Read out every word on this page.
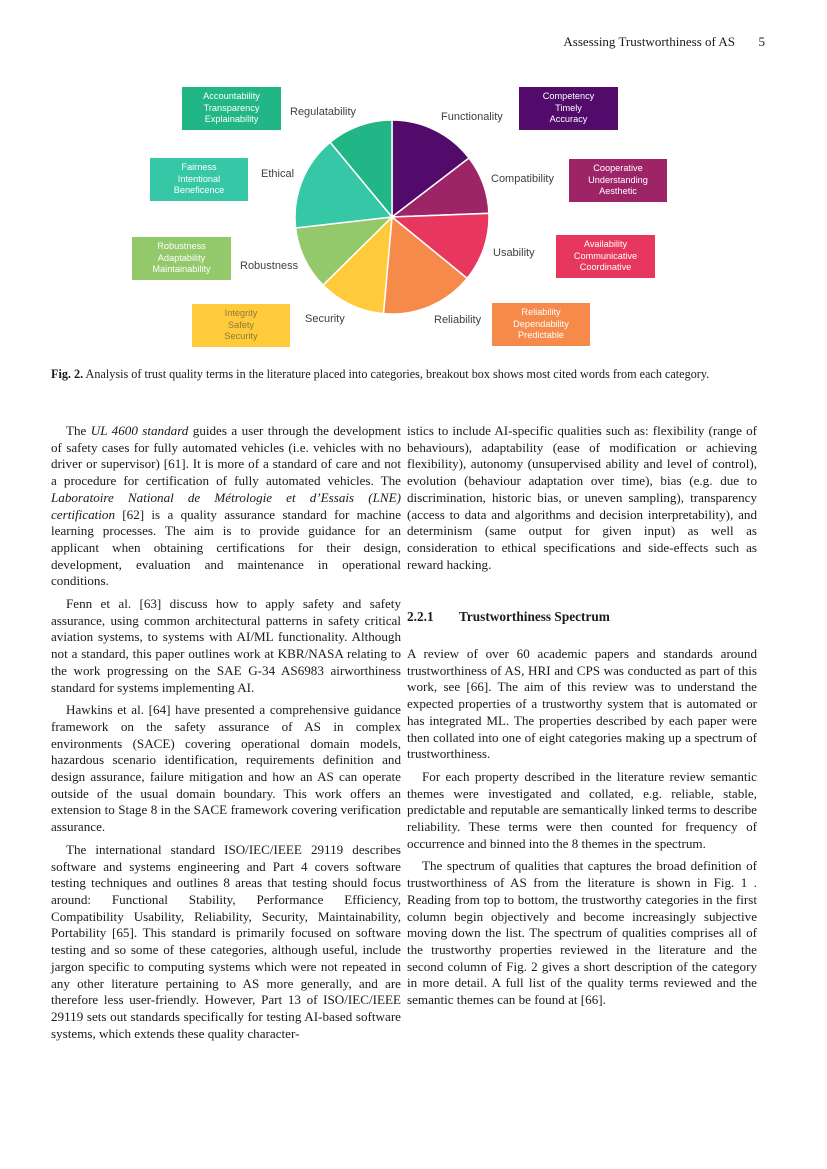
Assessing Trustworthiness of AS 5
Accountability
Transparency
Explainability
Fairness
Intentional
Beneficence
Robustness
Adaptability
Maintainability
Integrity
Safety
Security
Competency
Timely
Accuracy
Cooperative
Understanding
Aesthetic
Availability
Communicative
Coordinative
Reliability
Dependability
Predictable
Regulatability
Ethical
Robustness
Security
Functionality
Compatibility
Usability
Reliability
Fig. 2. Analysis of trust quality terms in the literature placed into categories, breakout box shows most cited words from each category.

The UL 4600 standard guides a user through the development of safety cases for fully automated vehicles (i.e. vehicles with no driver or supervisor) [61]. It is more of a standard of care and not a procedure for certification of fully automated vehicles. The Laboratoire National de Métrologie et d’Essais (LNE) certification [62] is a quality assurance standard for machine learning processes. The aim is to provide guidance for an applicant when obtaining certifications for their design, development, evaluation and maintenance in operational conditions.

Fenn et al. [63] discuss how to apply safety and safety assurance, using common architectural patterns in safety critical aviation systems, to systems with AI/ML functionality. Although not a standard, this paper outlines work at KBR/NASA relating to the work progressing on the SAE G-34 AS6983 airworthiness standard for systems implementing AI.

Hawkins et al. [64] have presented a comprehensive guidance framework on the safety assurance of AS in complex environments (SACE) covering operational domain models, hazardous scenario identification, requirements definition and design assurance, failure mitigation and how an AS can operate outside of the usual domain boundary. This work offers an extension to Stage 8 in the SACE framework covering verification assurance.

The international standard ISO/IEC/IEEE 29119 describes software and systems engineering and Part 4 covers software testing techniques and outlines 8 areas that testing should focus around: Functional Stability, Performance Efficiency, Compatibility Usability, Reliability, Security, Maintainability, Portability [65]. This standard is primarily focused on software testing and so some of these categories, although useful, include jargon specific to computing systems which were not repeated in any other literature pertaining to AS more generally, and are therefore less user-friendly. However, Part 13 of ISO/IEC/IEEE 29119 sets out standards specifically for testing AI-based software systems, which extends these quality character-

istics to include AI-specific qualities such as: flexibility (range of behaviours), adaptability (ease of modification or achieving flexibility), autonomy (unsupervised ability and level of control), evolution (behaviour adaptation over time), bias (e.g. due to discrimination, historic bias, or uneven sampling), transparency (access to data and algorithms and decision interpretability), and determinism (same output for given input) as well as consideration to ethical specifications and side-effects such as reward hacking.

2.2.1 Trustworthiness Spectrum

A review of over 60 academic papers and standards around trustworthiness of AS, HRI and CPS was conducted as part of this work, see [66]. The aim of this review was to understand the expected properties of a trustworthy system that is automated or has integrated ML. The properties described by each paper were then collated into one of eight categories making up a spectrum of trustworthiness.

For each property described in the literature review semantic themes were investigated and collated, e.g. reliable, stable, predictable and reputable are semantically linked terms to describe reliability. These terms were then counted for frequency of occurrence and binned into the 8 themes in the spectrum.

The spectrum of qualities that captures the broad definition of trustworthiness of AS from the literature is shown in Fig. 1 . Reading from top to bottom, the trustworthy categories in the first column begin objectively and become increasingly subjective moving down the list. The spectrum of qualities comprises all of the trustworthy properties reviewed in the literature and the second column of Fig. 2 gives a short description of the category in more detail. A full list of the quality terms reviewed and the semantic themes can be found at [66].
